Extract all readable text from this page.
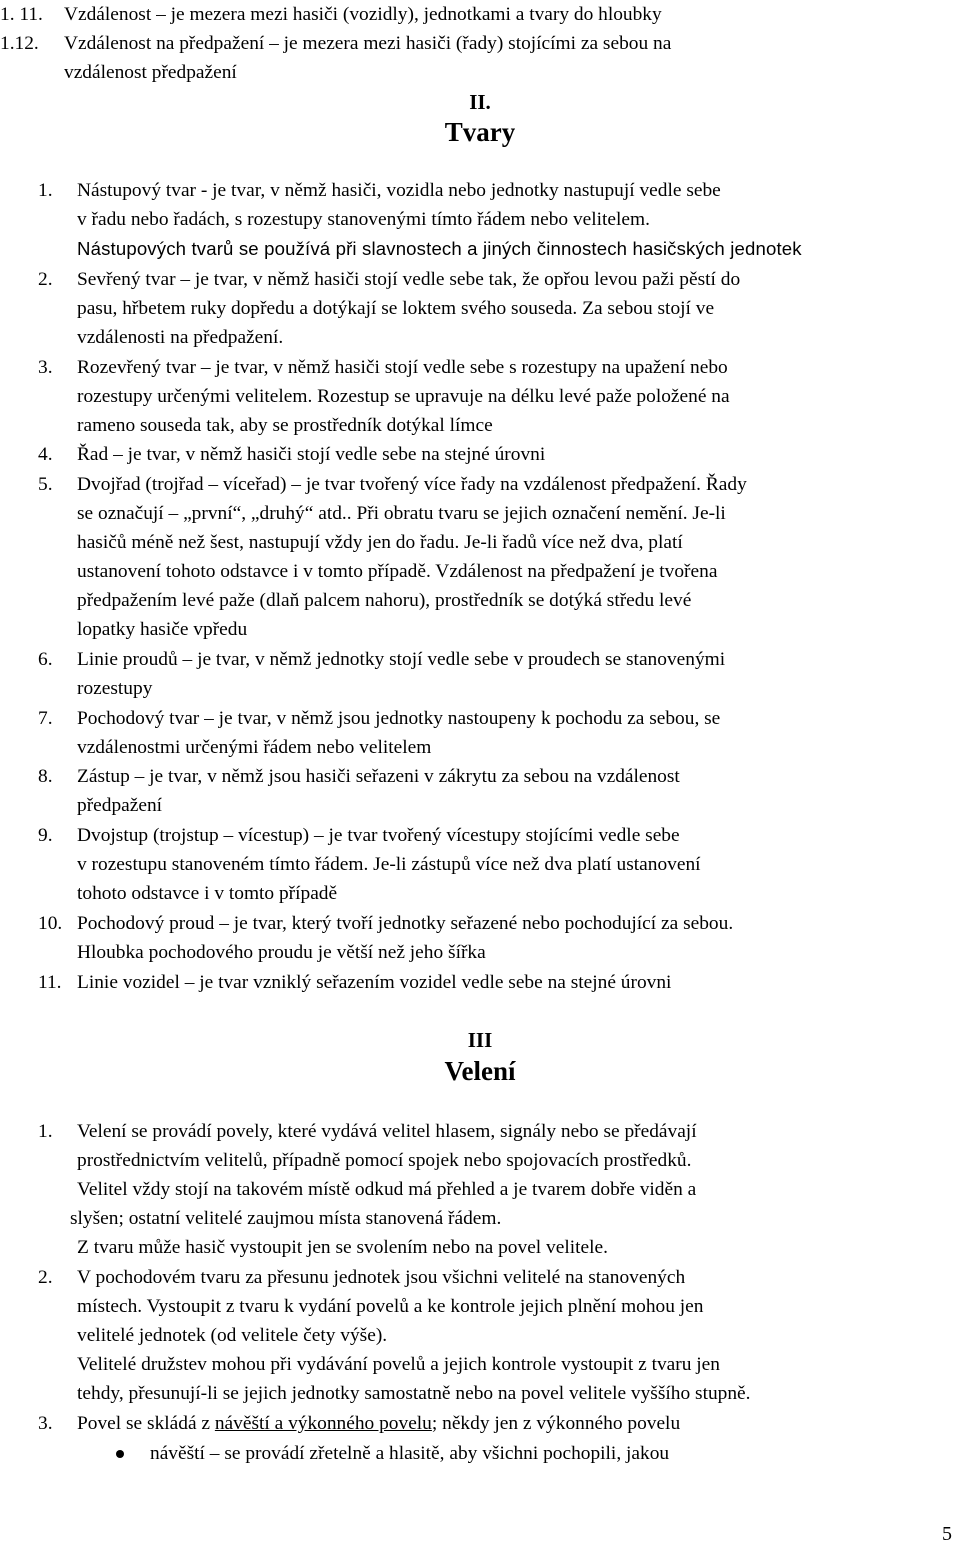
1. 11. Vzdálenost – je mezera mezi hasiči (vozidly), jednotkami a tvary do hloubky
1.12. Vzdálenost na předpažení – je mezera mezi hasiči (řady) stojícími za sebou na
vzdálenost předpažení
II.
Tvary
1. Nástupový tvar - je tvar, v němž hasiči, vozidla nebo jednotky nastupují vedle sebe
v řadu nebo řadách, s rozestupy stanovenými tímto řádem nebo velitelem.
Nástupových tvarů se používá při slavnostech a jiných činnostech hasičských jednotek
2. Sevřený tvar – je tvar, v němž hasiči stojí vedle sebe tak, že opřou levou paži pěstí do
pasu, hřbetem ruky dopředu a dotýkají se loktem svého souseda. Za sebou stojí ve
vzdálenosti na předpažení.
3. Rozevřený tvar – je tvar, v němž hasiči stojí vedle sebe s rozestupy na upažení nebo
rozestupy určenými velitelem. Rozestup se upravuje na délku levé paže položené na
rameno souseda tak, aby se prostředník dotýkal límce
4. Řad – je tvar, v němž hasiči stojí vedle sebe na stejné úrovni
5. Dvojřad (trojřad – víceřad) – je tvar tvořený více řady na vzdálenost předpažení. Řady
se označují – „první“, „druhý“ atd.. Při obratu tvaru se jejich označení nemění. Je-li
hasičů méně než šest, nastupují vždy jen do řadu. Je-li řadů více než dva, platí
ustanovení tohoto odstavce i v tomto případě. Vzdálenost na předpažení je tvořena
předpažením levé paže (dlaň palcem nahoru), prostředník se dotýká středu levé
lopatky hasiče vpředu
6. Linie proudů – je tvar, v němž jednotky stojí vedle sebe v proudech se stanovenými
rozestupy
7. Pochodový tvar – je tvar, v němž jsou jednotky nastoupeny k pochodu za sebou, se
vzdálenostmi určenými řádem nebo velitelem
8. Zástup – je tvar, v němž jsou hasiči seřazeni v zákrytu za sebou na vzdálenost
předpažení
9. Dvojstup (trojstup – vícestup) – je tvar tvořený vícestupy stojícími vedle sebe
v rozestupu stanoveném tímto řádem. Je-li zástupů více než dva platí ustanovení
tohoto odstavce i v tomto případě
10. Pochodový proud – je tvar, který tvoří jednotky seřazené nebo pochodující za sebou.
Hloubka pochodového proudu je větší než jeho šířka
11. Linie vozidel – je tvar vzniklý seřazením vozidel vedle sebe na stejné úrovni
III
Velení
1. Velení se provádí povely, které vydává velitel hlasem, signály nebo se předávají
prostřednictvím velitelů, případně pomocí spojek nebo spojovacích prostředků.
Velitel vždy stojí na takovém místě odkud má přehled a je tvarem dobře viděn a
slyšen; ostatní velitelé zaujmou místa stanovená řádem.
Z tvaru může hasič vystoupit jen se svolením nebo na povel velitele.
2. V pochodovém tvaru za přesunu jednotek jsou všichni velitelé na stanovených
místech. Vystoupit z tvaru k vydání povelů a ke kontrole jejich plnění mohou jen
velitelé jednotek (od velitele čety výše).
Velitelé družstev mohou při vydávání povelů a jejich kontrole vystoupit z tvaru jen
tehdy, přesunují-li se jejich jednotky samostatně nebo na povel velitele vyššího stupně.
3. Povel se skládá z návěští a výkonného povelu; někdy jen z výkonného povelu
návěští – se provádí zřetelně a hlasitě, aby všichni pochopili, jakou
5
